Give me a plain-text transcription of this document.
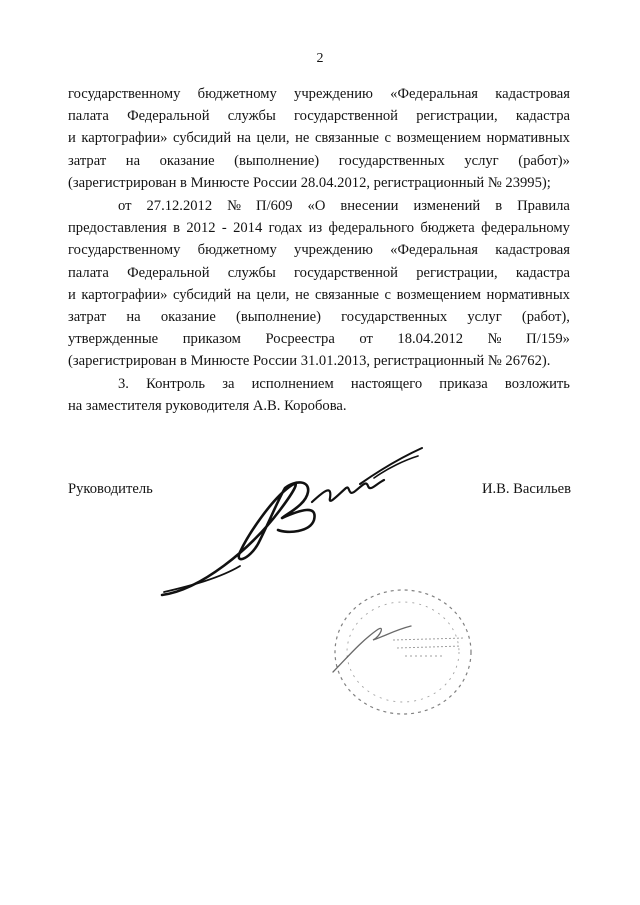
2
государственному бюджетному учреждению «Федеральная кадастровая
палата Федеральной службы государственной регистрации, кадастра
и картографии» субсидий на цели, не связанные с возмещением нормативных
затрат на оказание (выполнение) государственных услуг (работ)»
(зарегистрирован в Минюсте России 28.04.2012, регистрационный № 23995);
от 27.12.2012 № П/609 «О внесении изменений в Правила
предоставления в 2012 - 2014 годах из федерального бюджета федеральному
государственному бюджетному учреждению «Федеральная кадастровая
палата Федеральной службы государственной регистрации, кадастра
и картографии» субсидий на цели, не связанные с возмещением нормативных
затрат на оказание (выполнение) государственных услуг (работ),
утвержденные приказом Росреестра от 18.04.2012 № П/159»
(зарегистрирован в Минюсте России 31.01.2013, регистрационный № 26762).
3. Контроль за исполнением настоящего приказа возложить
на заместителя руководителя А.В. Коробова.
Руководитель	И.В. Васильев
